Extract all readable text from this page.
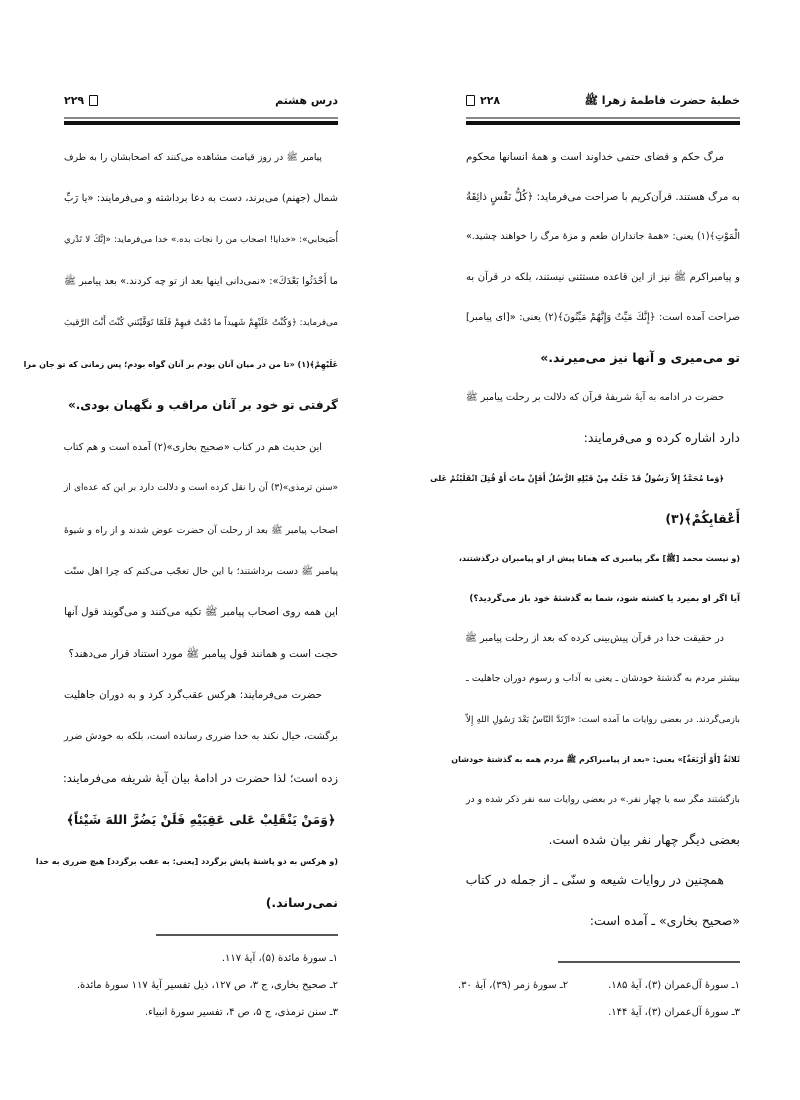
درس هشتم
۲۲۹
پیامبر ﷺ در روز قیامت مشاهده می‌کنند که اصحابشان را به طرف
شمال (جهنم) می‌برند، دست به دعا برداشته و می‌فرمایند: «یا رَبِّ
أُصَیحابي»: «خدایا! اصحاب من را نجات بده.» خدا می‌فرماید: «إنَّكَ لا تَدْري
ما أَحْدَثُوا بَعْدَكَ»: «نمی‌دانی اینها بعد از تو چه کردند.» بعد پیامبر ﷺ
می‌فرماید: ﴿وَكُنْتُ عَلَيْهِمْ شَهيداً ما دُمْتُ فيهِمْ فَلَمّا تَوَفَّيْتَني كُنْتَ أَنْتَ الرَّقيبَ
عَلَيْهِمْ﴾(۱) «تا من در میان آنان بودم بر آنان گواه بودم؛ پس زمانی که تو جان مرا
گرفتی تو خود بر آنان مراقب و نگهبان بودی.»
این حدیث هم در کتاب «صحیح بخاری»(۲) آمده است و هم کتاب
«سنن ترمذی»(۳) آن را نقل کرده است و دلالت دارد بر این که عده‌ای از
اصحاب پیامبر ﷺ بعد از رحلت آن حضرت عوض شدند و از راه و شیوهٔ
پیامبر ﷺ دست برداشتند؛ با این حال تعجّب می‌کنم که چرا اهل سنّت
این همه روی اصحاب پیامبر ﷺ تکیه می‌کنند و می‌گویند قول آنها
حجت است و همانند قول پیامبر ﷺ مورد استناد قرار می‌دهند؟
حضرت می‌فرمایند: هرکس عقب‌گرد کرد و به دوران جاهلیت
برگشت، خیال نکند به خدا ضرری رسانده است، بلکه به خودش ضرر
زده است؛ لذا حضرت در ادامهٔ بیان آیهٔ شریفه می‌فرمایند:
﴿وَمَنْ يَنْقَلِبْ عَلى عَقِبَيْهِ فَلَنْ يَضُرَّ اللهَ شَيْئاً﴾
(و هرکس به دو پاشنهٔ پایش برگردد [یعنی: به عقب برگردد] هیچ ضرری به خدا
نمی‌رساند.)
۱ـ سورهٔ مائدة (۵)، آیهٔ ۱۱۷.
۲ـ صحیح بخاری، ج ۳، ص ۱۲۷، ذیل تفسیر آیهٔ ۱۱۷ سورهٔ مائدة.
۳ـ سنن ترمذی، ج ۵، ص ۴، تفسیر سورهٔ انبیاء.
خطبهٔ حضرت فاطمهٔ زهرا ﷺ
۲۲۸
مرگ حکم و قضای حتمی خداوند است و همهٔ انسانها محکوم
به مرگ هستند. قرآن‌کریم با صراحت می‌فرماید: ﴿كُلُّ نَفْسٍ ذائِقَةُ
الْمَوْتِ﴾(۱) یعنی: «همهٔ جانداران طعم و مزهٔ مرگ را خواهند چشید.»
و پیامبراکرم ﷺ نیز از این قاعده مستثنی نیستند، بلکه در قرآن به
صراحت آمده است: ﴿إِنَّكَ مَيِّتٌ وَإِنَّهُمْ مَيِّتُونَ﴾(۲) یعنی: «[ای پیامبر]
تو می‌میری و آنها نیز می‌میرند.»
حضرت در ادامه به آیهٔ شریفهٔ قرآن که دلالت بر رحلت پیامبر ﷺ
دارد اشاره کرده و می‌فرمایند:
﴿وَما مُحَمَّدٌ إِلاّ رَسُولٌ قَدْ خَلَتْ مِنْ قَبْلِهِ الرُّسُلُ أَفَإِنْ ماتَ أَوْ قُتِلَ انْقَلَبْتُمْ عَلى
أَعْقابِكُمْ﴾(۳)
(و نیست محمد [ﷺ] مگر پیامبری که همانا پیش از او پیامبران درگذشتند،
آیا اگر او بمیرد یا کشته شود، شما به گذشتهٔ خود باز می‌گردید؟)
در حقیقت خدا در قرآن پیش‌بینی کرده که بعد از رحلت پیامبر ﷺ
بیشتر مردم به گذشتهٔ خودشان ـ یعنی به آداب و رسوم دوران جاهلیت ـ
بازمی‌گردند. در بعضی روایات ما آمده است: «ارْتَدَّ النّاسُ بَعْدَ رَسُولِ اللهِ إِلاّ
ثَلاثَةٌ [أَوْ أَرْبَعَةٌ]» یعنی: «بعد از پیامبراکرم ﷺ مردم همه به گذشتهٔ خودشان
بازگشتند مگر سه یا چهار نفر.» در بعضی روایات سه نفر ذکر شده و در
بعضی دیگر چهار نفر بیان شده است.
همچنین در روایات شیعه و سنّی ـ از جمله در کتاب
«صحیح بخاری» ـ آمده است:
۱ـ سورهٔ آل‌عمران (۳)، آیهٔ ۱۸۵.۲ـ سورهٔ زمر (۳۹)، آیهٔ ۳۰.
۳ـ سورهٔ آل‌عمران (۳)، آیهٔ ۱۴۴.
